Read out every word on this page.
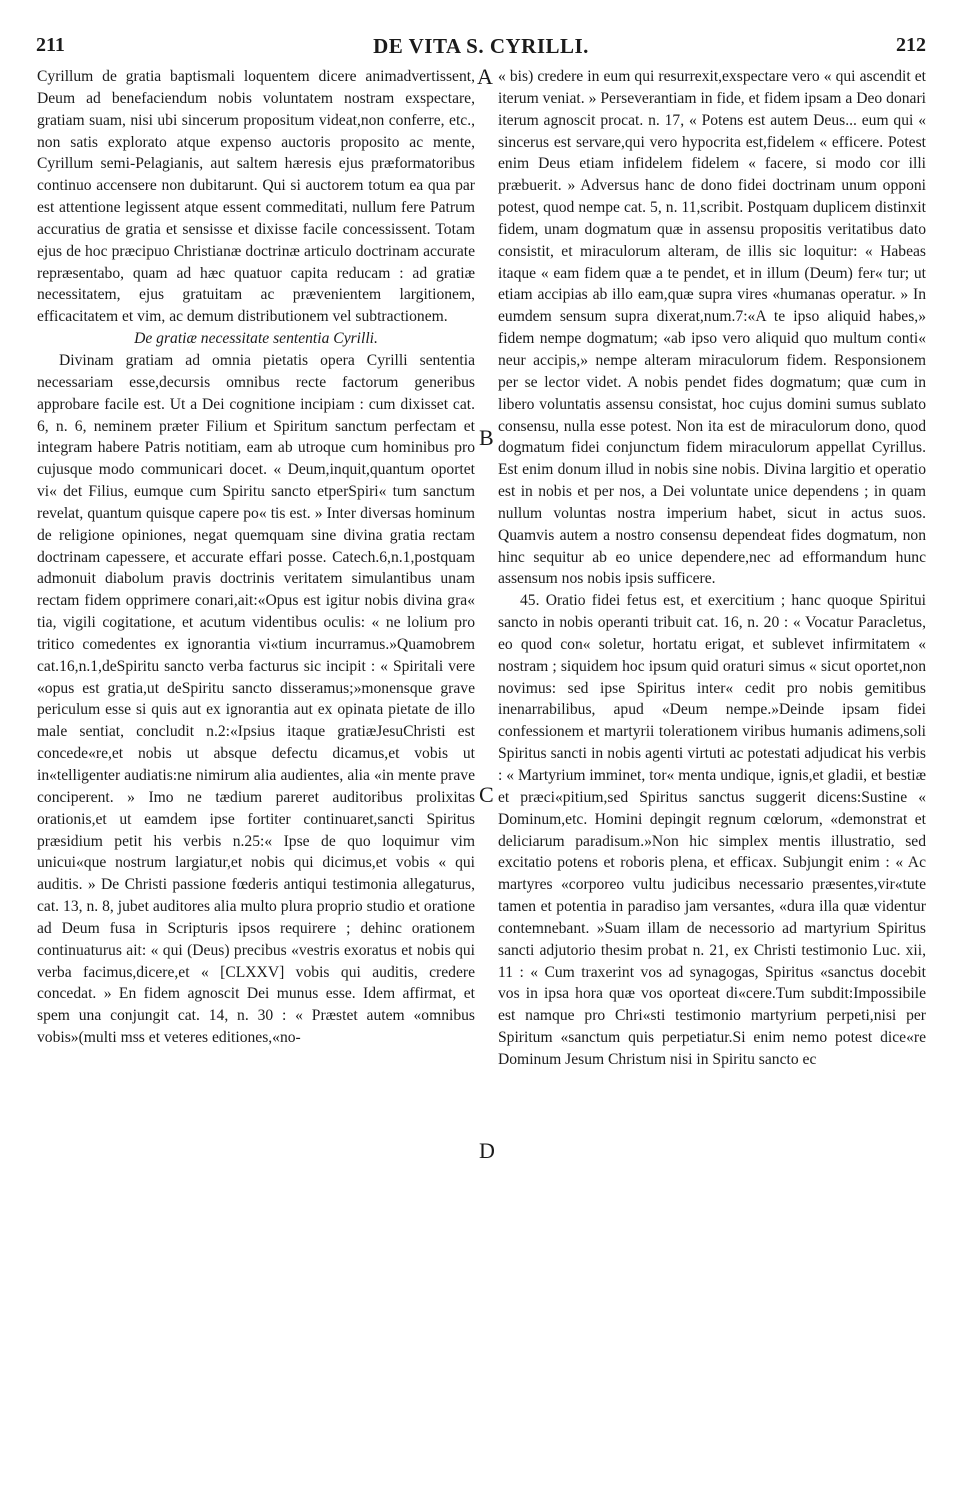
211	DE VITA S. CYRILLI.	212

Cyrillum de gratia baptismali loquentem dicere animadvertissent, Deum ad benefaciendum nobis voluntatem nostram exspectare, gratiam suam, nisi ubi sincerum propositum videat,non conferre, etc., non satis explorato atque expenso auctoris proposito ac mente, Cyrillum semi-Pelagianis, aut saltem hæresis ejus præformatoribus continuo accensere non dubitarunt. Qui si auctorem totum ea qua par est attentione legissent atque essent commeditati, nullum fere Patrum accuratius de gratia et sensisse et dixisse facile concessissent. Totam ejus de hoc præcipuo Christianæ doctrinæ articulo doctrinam accurate repræsentabo, quam ad hæc quatuor capita reducam : ad gratiæ necessitatem, ejus gratuitam ac prævenientem largitionem, efficacitatem et vim, ac demum distributionem vel subtractionem.

De gratiæ necessitate sententia Cyrilli.

Divinam gratiam ad omnia pietatis opera Cyrilli sententia necessariam esse,decursis omnibus recte factorum generibus approbare facile est. Ut a Dei cognitione incipiam : cum dixisset cat. 6, n. 6, neminem præter Filium et Spiritum sanctum perfectam et integram habere Patris notitiam, eam ab utroque cum hominibus pro cujusque modo communicari docet. « Deum,inquit,quantum oportet vi« det Filius, eumque cum Spiritu sancto etperSpiri« tum sanctum revelat, quantum quisque capere po« tis est. » Inter diversas hominum de religione opiniones, negat quemquam sine divina gratia rectam doctrinam capessere, et accurate effari posse. Catech.6,n.1,postquam admonuit diabolum pravis doctrinis veritatem simulantibus unam rectam fidem opprimere conari,ait:«Opus est igitur nobis divina gra« tia, vigili cogitatione, et acutum videntibus oculis: « ne lolium pro tritico comedentes ex ignorantia vi«tium incurramus.»Quamobrem cat.16,n.1,deSpiritu sancto verba facturus sic incipit : « Spiritali vere «opus est gratia,ut deSpiritu sancto disseramus;»monensque grave periculum esse si quis aut ex ignorantia aut ex opinata pietate de illo male sentiat, concludit n.2:«Ipsius itaque gratiæJesuChristi est concede«re,et nobis ut absque defectu dicamus,et vobis ut in«telligenter audiatis:ne nimirum alia audientes, alia «in mente prave conciperent. » Imo ne tædium pareret auditoribus prolixitas orationis,et ut eamdem ipse fortiter continuaret,sancti Spiritus præsidium petit his verbis n.25:« Ipse de quo loquimur vim unicui«que nostrum largiatur,et nobis qui dicimus,et vobis « qui auditis. » De Christi passione fœderis antiqui testimonia allegaturus, cat. 13, n. 8, jubet auditores alia multo plura proprio studio et oratione ad Deum fusa in Scripturis ipsos requirere ; dehinc orationem continuaturus ait: « qui (Deus) precibus «vestris exoratus et nobis qui verba facimus,dicere,et « [CLXXV] vobis qui auditis, credere concedat. » En fidem agnoscit Dei munus esse. Idem affirmat, et spem una conjungit cat. 14, n. 30 : « Præstet autem «omnibus vobis»(multi mss et veteres editiones,«no-

« bis) credere in eum qui resurrexit,exspectare vero « qui ascendit et iterum veniat. » Perseverantiam in fide, et fidem ipsam a Deo donari iterum agnoscit procat. n. 17, « Potens est autem Deus... eum qui « sincerus est servare,qui vero hypocrita est,fidelem « efficere. Potest enim Deus etiam infidelem fidelem « facere, si modo cor illi præbuerit. » Adversus hanc de dono fidei doctrinam unum opponi potest, quod nempe cat. 5, n. 11,scribit. Postquam duplicem distinxit fidem, unam dogmatum quæ in assensu propositis veritatibus dato consistit, et miraculorum alteram, de illis sic loquitur: « Habeas itaque « eam fidem quæ a te pendet, et in illum (Deum) fer« tur; ut etiam accipias ab illo eam,quæ supra vires «humanas operatur. » In eumdem sensum supra dixerat,num.7:«A te ipso aliquid habes,» fidem nempe dogmatum; «ab ipso vero aliquid quo multum conti« neur accipis,» nempe alteram miraculorum fidem. Responsionem per se lector videt. A nobis pendet fides dogmatum; quæ cum in libero voluntatis assensu consistat, hoc cujus domini sumus sublato consensu, nulla esse potest. Non ita est de miraculorum dono, quod dogmatum fidei conjunctum fidem miraculorum appellat Cyrillus. Est enim donum illud in nobis sine nobis. Divina largitio et operatio est in nobis et per nos, a Dei voluntate unice dependens ; in quam nullum voluntas nostra imperium habet, sicut in actus suos. Quamvis autem a nostro consensu dependeat fides dogmatum, non hinc sequitur ab eo unice dependere,nec ad efformandum hunc assensum nos nobis ipsis sufficere.

45. Oratio fidei fetus est, et exercitium ; hanc quoque Spiritui sancto in nobis operanti tribuit cat. 16, n. 20 : « Vocatur Paracletus, eo quod con« soletur, hortatu erigat, et sublevet infirmitatem « nostram ; siquidem hoc ipsum quid oraturi simus « sicut oportet,non novimus: sed ipse Spiritus inter« cedit pro nobis gemitibus inenarrabilibus, apud «Deum nempe.»Deinde ipsam fidei confessionem et martyrii tolerationem viribus humanis adimens,soli Spiritus sancti in nobis agenti virtuti ac potestati adjudicat his verbis : « Martyrium imminet, tor« menta undique, ignis,et gladii, et bestiæ et præci«pitium,sed Spiritus sanctus suggerit dicens:Sustine « Dominum,etc. Homini depingit regnum cœlorum, «demonstrat et deliciarum paradisum.»Non hic simplex mentis illustratio, sed excitatio potens et roboris plena, et efficax. Subjungit enim : « Ac martyres «corporeo vultu judicibus necessario præsentes,vir«tute tamen et potentia in paradiso jam versantes, «dura illa quæ videntur contemnebant. »Suam illam de necessorio ad martyrium Spiritus sancti adjutorio thesim probat n. 21, ex Christi testimonio Luc. xii, 11 : « Cum traxerint vos ad synagogas, Spiritus «sanctus docebit vos in ipsa hora quæ vos oporteat di«cere.Tum subdit:Impossibile est namque pro Chri«sti testimonio martyrium perpeti,nisi per Spiritum «sanctum quis perpetiatur.Si enim nemo potest dice«re Dominum Jesum Christum nisi in Spiritu sancto ec

A
B
C
D
